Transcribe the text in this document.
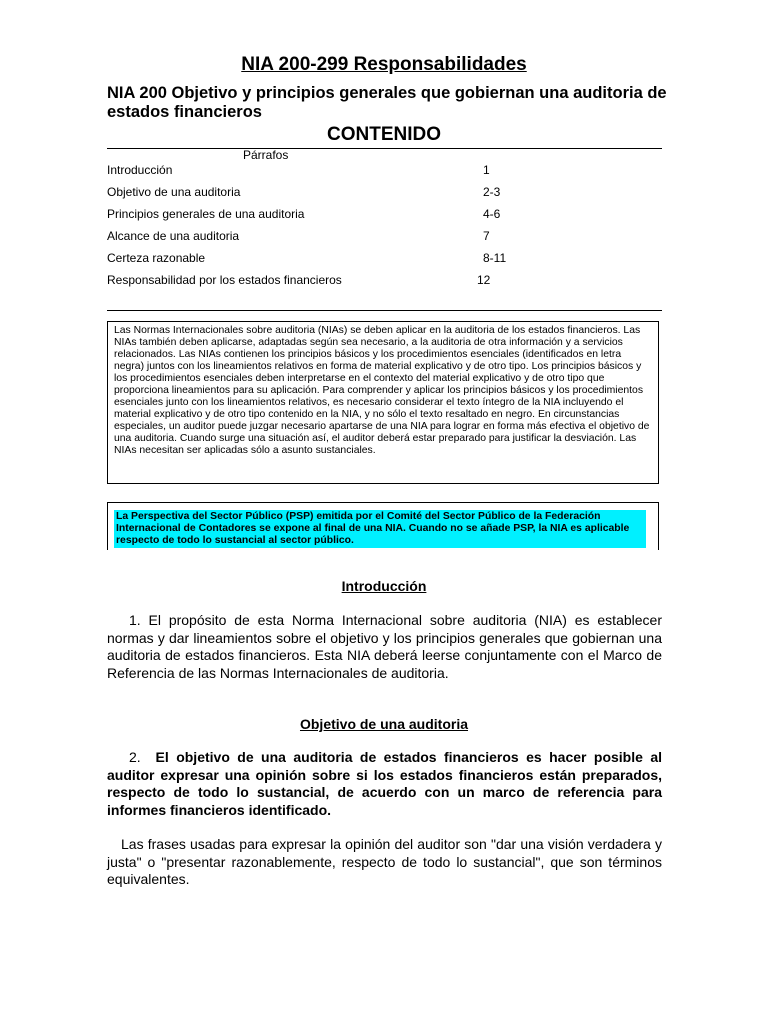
NIA 200-299 Responsabilidades
NIA 200 Objetivo y principios generales que gobiernan una auditoria de estados financieros
CONTENIDO
Párrafos
Introducción	1
Objetivo de una auditoria	2-3
Principios generales de una auditoria	4-6
Alcance de una auditoria	7
Certeza razonable	8-11
Responsabilidad por los estados financieros	12
Las Normas Internacionales sobre auditoria (NIAs) se deben aplicar en la auditoria de los estados financieros. Las NIAs también deben aplicarse, adaptadas según sea necesario, a la auditoria de otra información y a servicios relacionados. Las NIAs contienen los principios básicos y los procedimientos esenciales (identificados en letra negra) juntos con los lineamientos relativos en forma de material explicativo y de otro tipo. Los principios básicos y los procedimientos esenciales deben interpretarse en el contexto del material explicativo y de otro tipo que proporciona lineamientos para su aplicación. Para comprender y aplicar los principios básicos y los procedimientos esenciales junto con los lineamientos relativos, es necesario considerar el texto íntegro de la NIA incluyendo el material explicativo y de otro tipo contenido en la NIA, y no sólo el texto resaltado en negro. En circunstancias especiales, un auditor puede juzgar necesario apartarse de una NIA para lograr en forma más efectiva el objetivo de una auditoria. Cuando surge una situación así, el auditor deberá estar preparado para justificar la desviación. Las NIAs necesitan ser aplicadas sólo a asunto sustanciales.
La Perspectiva del Sector Público (PSP) emitida por el Comité del Sector Público de la Federación Internacional de Contadores se expone al final de una NIA. Cuando no se añade PSP, la NIA es aplicable respecto de todo lo sustancial al sector público.
Introducción
1. El propósito de esta Norma Internacional sobre auditoria (NIA) es establecer normas y dar lineamientos sobre el objetivo y los principios generales que gobiernan una auditoria de estados financieros. Esta NIA deberá leerse conjuntamente con el Marco de Referencia de las Normas Internacionales de auditoria.
Objetivo de una auditoria
2. El objetivo de una auditoria de estados financieros es hacer posible al auditor expresar una opinión sobre si los estados financieros están preparados, respecto de todo lo sustancial, de acuerdo con un marco de referencia para informes financieros identificado.
Las frases usadas para expresar la opinión del auditor son "dar una visión verdadera y justa" o "presentar razonablemente, respecto de todo lo sustancial", que son términos equivalentes.
